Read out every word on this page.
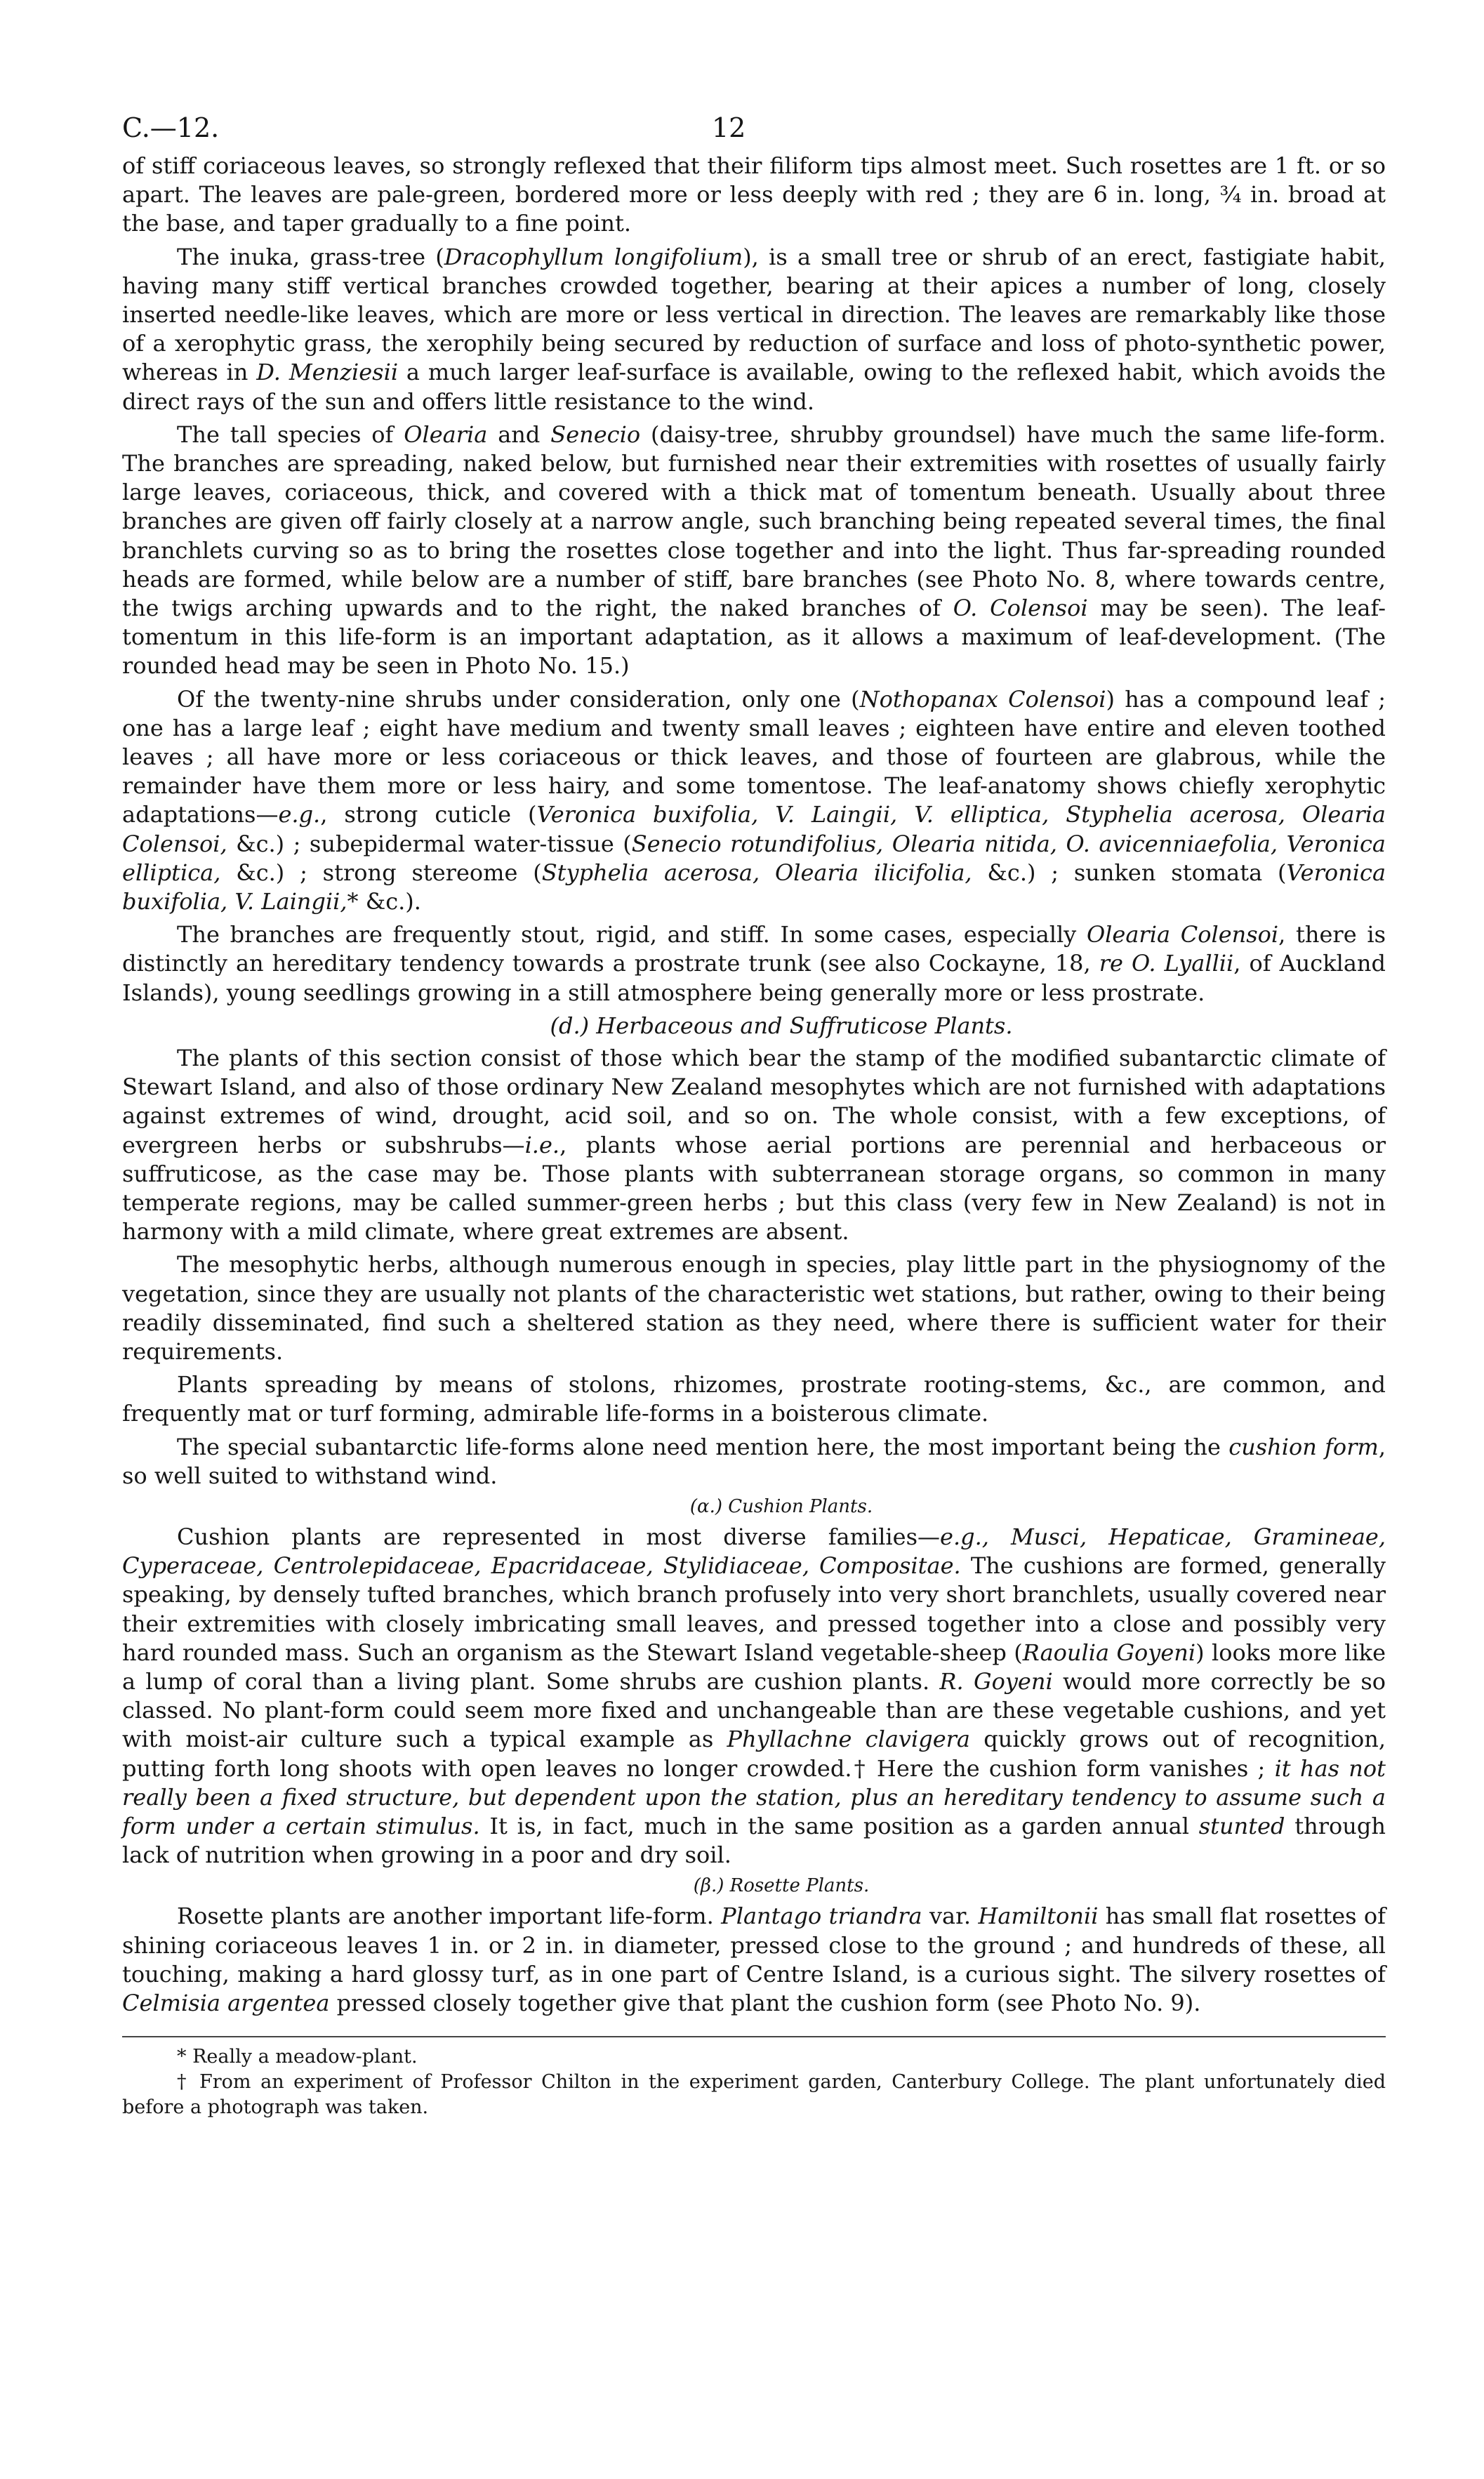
C.—12.	12

of stiff coriaceous leaves, so strongly reflexed that their filiform tips almost meet. Such rosettes are 1 ft. or so apart. The leaves are pale-green, bordered more or less deeply with red ; they are 6 in. long, ¾ in. broad at the base, and taper gradually to a fine point.

The inuka, grass-tree (Dracophyllum longifolium), is a small tree or shrub of an erect, fastigiate habit, having many stiff vertical branches crowded together, bearing at their apices a number of long, closely inserted needle-like leaves, which are more or less vertical in direction. The leaves are remarkably like those of a xerophytic grass, the xerophily being secured by reduction of surface and loss of photo-synthetic power, whereas in D. Menziesii a much larger leaf-surface is available, owing to the reflexed habit, which avoids the direct rays of the sun and offers little resistance to the wind.

The tall species of Olearia and Senecio (daisy-tree, shrubby groundsel) have much the same life-form. The branches are spreading, naked below, but furnished near their extremities with rosettes of usually fairly large leaves, coriaceous, thick, and covered with a thick mat of tomentum beneath. Usually about three branches are given off fairly closely at a narrow angle, such branching being repeated several times, the final branchlets curving so as to bring the rosettes close together and into the light. Thus far-spreading rounded heads are formed, while below are a number of stiff, bare branches (see Photo No. 8, where towards centre, the twigs arching upwards and to the right, the naked branches of O. Colensoi may be seen). The leaf-tomentum in this life-form is an important adaptation, as it allows a maximum of leaf-development. (The rounded head may be seen in Photo No. 15.)

Of the twenty-nine shrubs under consideration, only one (Nothopanax Colensoi) has a compound leaf ; one has a large leaf ; eight have medium and twenty small leaves ; eighteen have entire and eleven toothed leaves ; all have more or less coriaceous or thick leaves, and those of fourteen are glabrous, while the remainder have them more or less hairy, and some tomentose. The leaf-anatomy shows chiefly xerophytic adaptations—e.g., strong cuticle (Veronica buxifolia, V. Laingii, V. elliptica, Styphelia acerosa, Olearia Colensoi, &c.) ; subepidermal water-tissue (Senecio rotundifolius, Olearia nitida, O. avicenniaefolia, Veronica elliptica, &c.) ; strong stereome (Styphelia acerosa, Olearia ilicifolia, &c.) ; sunken stomata (Veronica buxifolia, V. Laingii,* &c.).

The branches are frequently stout, rigid, and stiff. In some cases, especially Olearia Colensoi, there is distinctly an hereditary tendency towards a prostrate trunk (see also Cockayne, 18, re O. Lyallii, of Auckland Islands), young seedlings growing in a still atmosphere being generally more or less prostrate.

(d.) Herbaceous and Suffruticose Plants.

The plants of this section consist of those which bear the stamp of the modified subantarctic climate of Stewart Island, and also of those ordinary New Zealand mesophytes which are not furnished with adaptations against extremes of wind, drought, acid soil, and so on. The whole consist, with a few exceptions, of evergreen herbs or subshrubs—i.e., plants whose aerial portions are perennial and herbaceous or suffruticose, as the case may be. Those plants with subterranean storage organs, so common in many temperate regions, may be called summer-green herbs ; but this class (very few in New Zealand) is not in harmony with a mild climate, where great extremes are absent.

The mesophytic herbs, although numerous enough in species, play little part in the physiognomy of the vegetation, since they are usually not plants of the characteristic wet stations, but rather, owing to their being readily disseminated, find such a sheltered station as they need, where there is sufficient water for their requirements.

Plants spreading by means of stolons, rhizomes, prostrate rooting-stems, &c., are common, and frequently mat or turf forming, admirable life-forms in a boisterous climate.

The special subantarctic life-forms alone need mention here, the most important being the cushion form, so well suited to withstand wind.

(α.) Cushion Plants.

Cushion plants are represented in most diverse families—e.g., Musci, Hepaticae, Gramineae, Cyperaceae, Centrolepidaceae, Epacridaceae, Stylidiaceae, Compositae. The cushions are formed, generally speaking, by densely tufted branches, which branch profusely into very short branchlets, usually covered near their extremities with closely imbricating small leaves, and pressed together into a close and possibly very hard rounded mass. Such an organism as the Stewart Island vegetable-sheep (Raoulia Goyeni) looks more like a lump of coral than a living plant. Some shrubs are cushion plants. R. Goyeni would more correctly be so classed. No plant-form could seem more fixed and unchangeable than are these vegetable cushions, and yet with moist-air culture such a typical example as Phyllachne clavigera quickly grows out of recognition, putting forth long shoots with open leaves no longer crowded.† Here the cushion form vanishes ; it has not really been a fixed structure, but dependent upon the station, plus an hereditary tendency to assume such a form under a certain stimulus. It is, in fact, much in the same position as a garden annual stunted through lack of nutrition when growing in a poor and dry soil.

(β.) Rosette Plants.

Rosette plants are another important life-form. Plantago triandra var. Hamiltonii has small flat rosettes of shining coriaceous leaves 1 in. or 2 in. in diameter, pressed close to the ground ; and hundreds of these, all touching, making a hard glossy turf, as in one part of Centre Island, is a curious sight. The silvery rosettes of Celmisia argentea pressed closely together give that plant the cushion form (see Photo No. 9).

* Really a meadow-plant.

† From an experiment of Professor Chilton in the experiment garden, Canterbury College. The plant unfortunately died before a photograph was taken.
